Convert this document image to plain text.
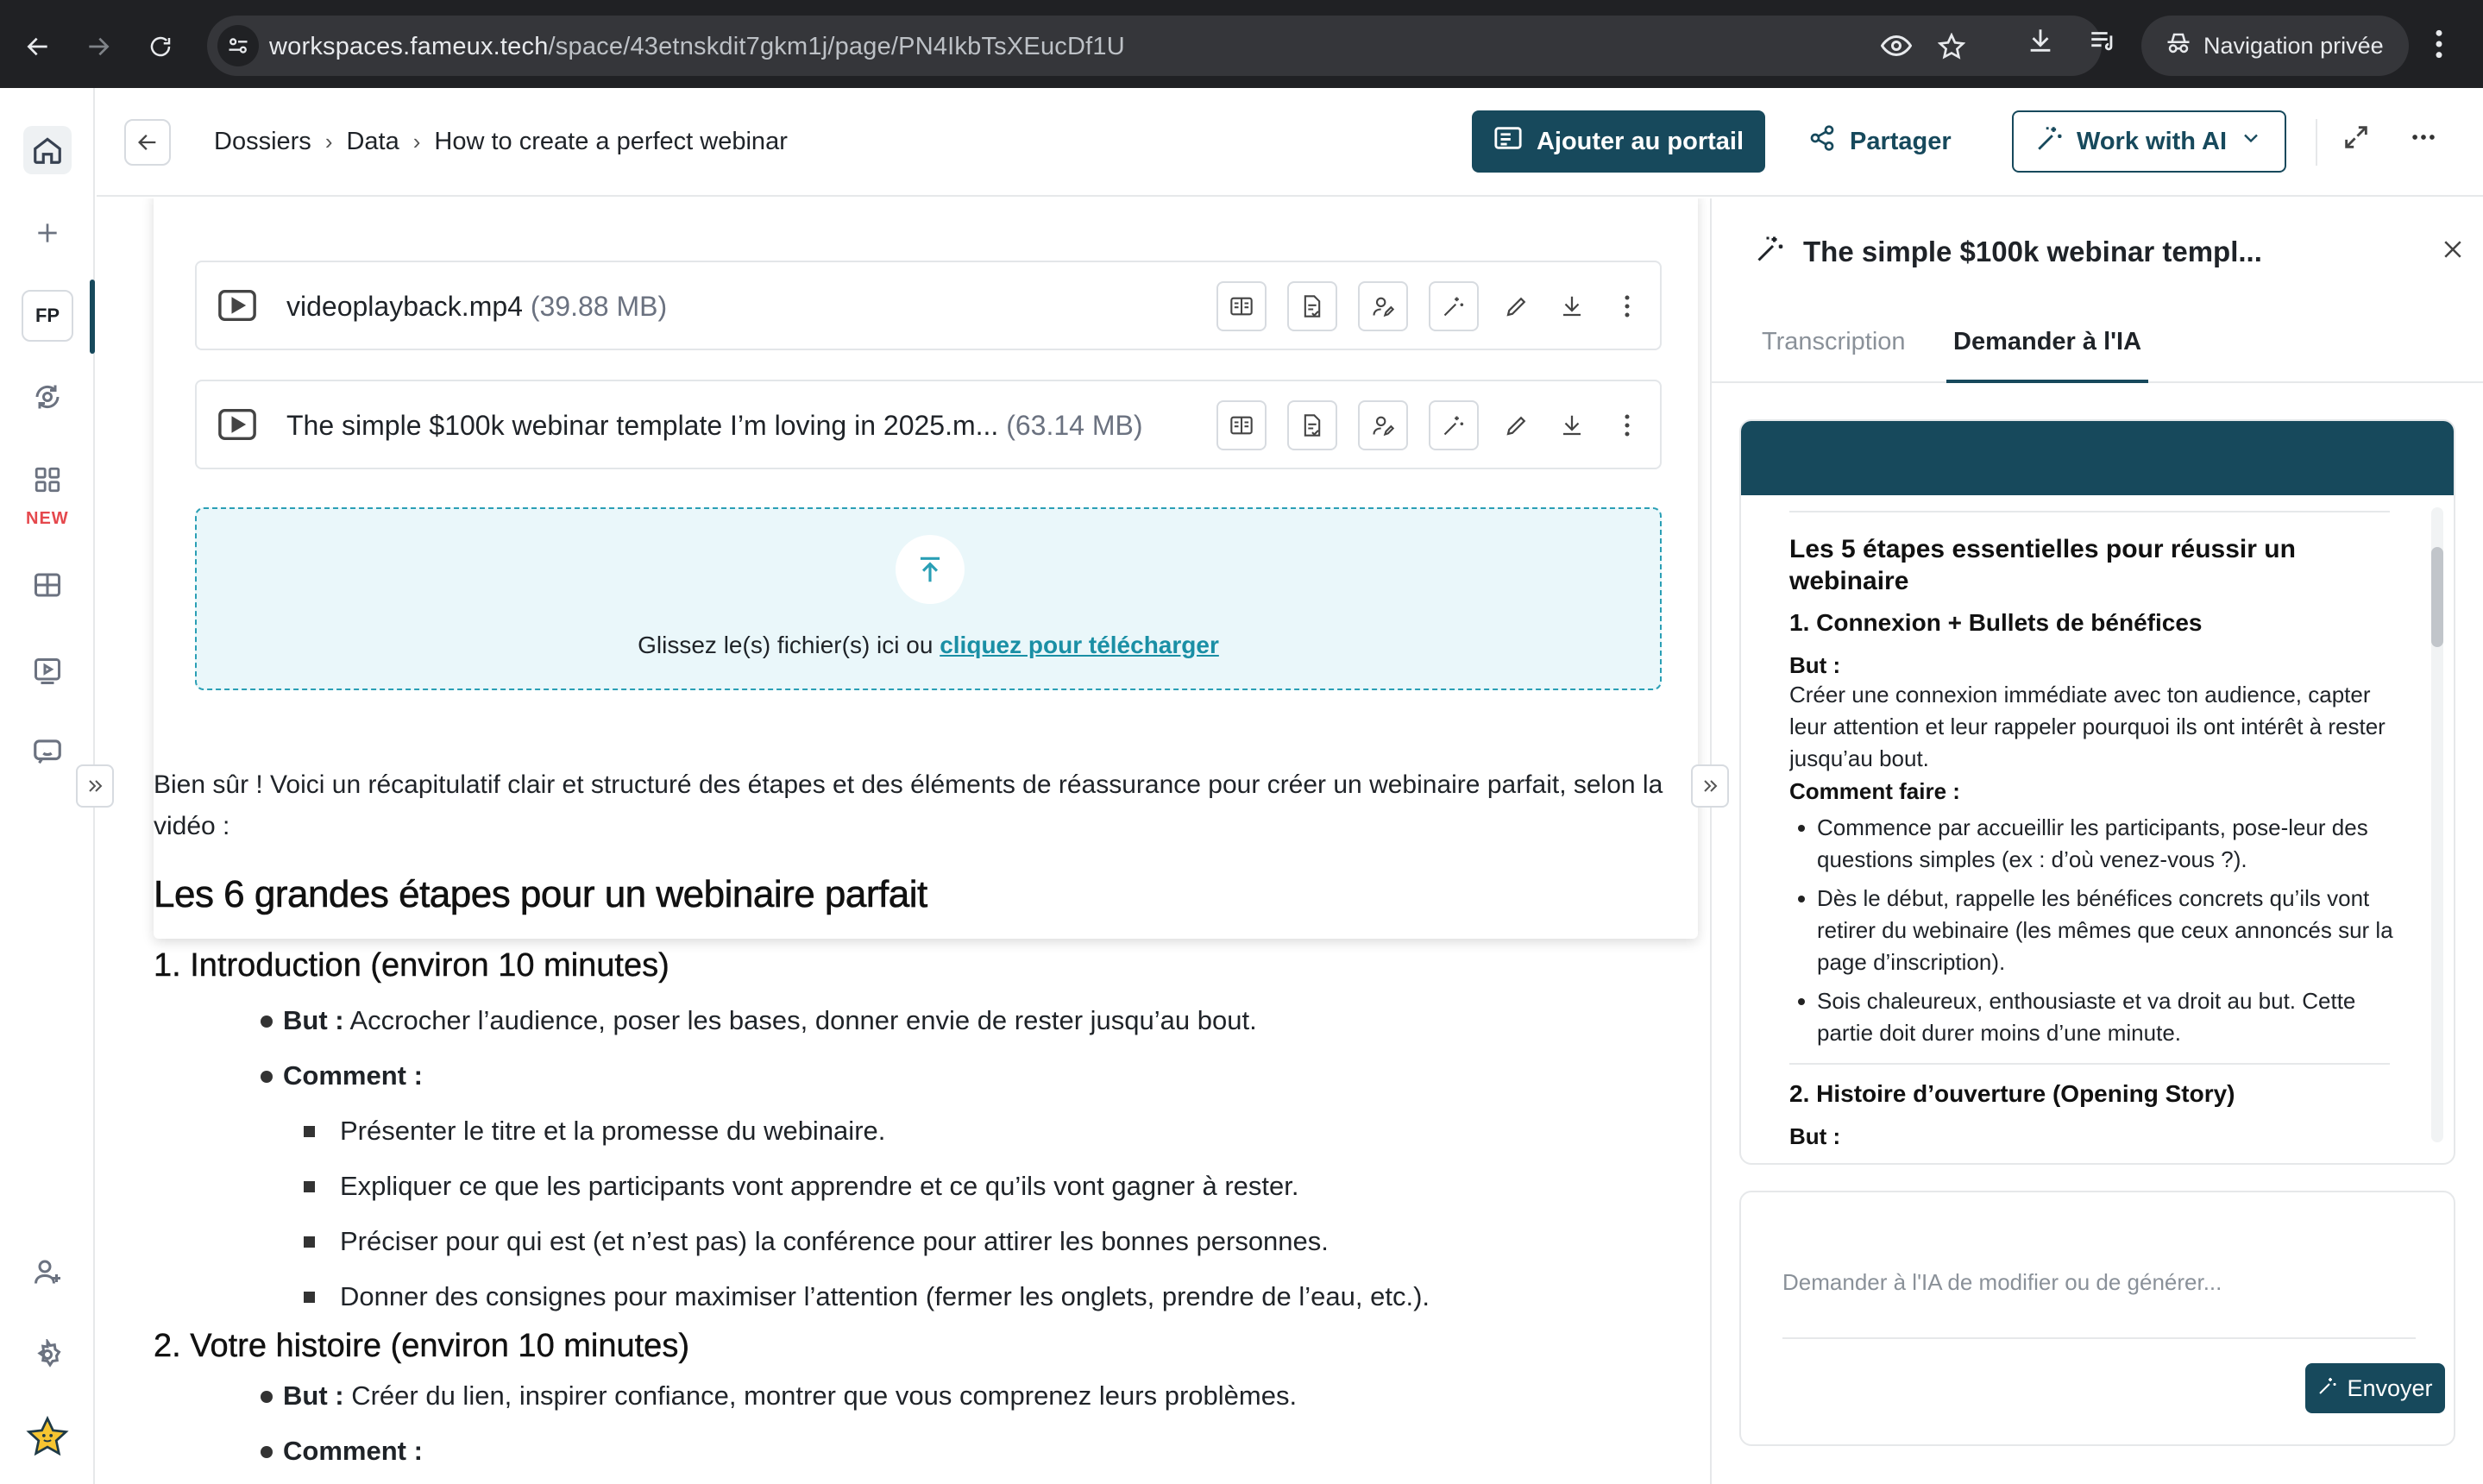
workspaces.fameux.tech/space/43etnskdit7gkm1j/page/PN4IkbTsXEucDf1U	Navigation privée
FP
NEW
Dossiers › Data › How to create a perfect webinar	Ajouter au portail	Partager	Work with AI
videoplayback.mp4 (39.88 MB)
The simple $100k webinar template I’m loving in 2025.m... (63.14 MB)
Glissez le(s) fichier(s) ici ou cliquez pour télécharger

Bien sûr ! Voici un récapitulatif clair et structuré des étapes et des éléments de réassurance pour créer un webinaire parfait, selon la vidéo :

Les 6 grandes étapes pour un webinaire parfait
1. Introduction (environ 10 minutes)
But : Accrocher l’audience, poser les bases, donner envie de rester jusqu’au bout.
Comment :
Présenter le titre et la promesse du webinaire.
Expliquer ce que les participants vont apprendre et ce qu’ils vont gagner à rester.
Préciser pour qui est (et n’est pas) la conférence pour attirer les bonnes personnes.
Donner des consignes pour maximiser l’attention (fermer les onglets, prendre de l’eau, etc.).
2. Votre histoire (environ 10 minutes)
But : Créer du lien, inspirer confiance, montrer que vous comprenez leurs problèmes.
Comment :
The simple $100k webinar templ...
Transcription Demander à l'IA
Les 5 étapes essentielles pour réussir un webinaire
1. Connexion + Bullets de bénéfices
But :
Créer une connexion immédiate avec ton audience, capter leur attention et leur rappeler pourquoi ils ont intérêt à rester jusqu’au bout.
Comment faire :
Commence par accueillir les participants, pose-leur des questions simples (ex : d’où venez-vous ?).
Dès le début, rappelle les bénéfices concrets qu’ils vont retirer du webinaire (les mêmes que ceux annoncés sur la page d’inscription).
Sois chaleureux, enthousiaste et va droit au but. Cette partie doit durer moins d’une minute.
2. Histoire d’ouverture (Opening Story)
But :
Demander à l'IA de modifier ou de générer...
Envoyer
